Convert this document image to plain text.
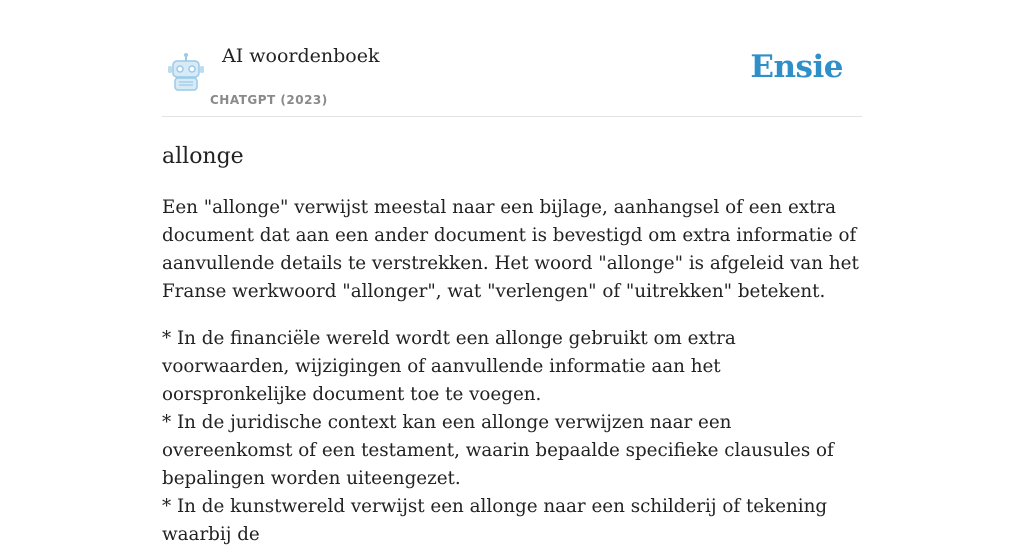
AI woordenboek
CHATGPT (2023)
Ensie
allonge

Een "allonge" verwijst meestal naar een bijlage, aanhangsel of een extra document dat aan een ander document is bevestigd om extra informatie of aanvullende details te verstrekken. Het woord "allonge" is afgeleid van het Franse werkwoord "allonger", wat "verlengen" of "uitrekken" betekent.

* In de financiële wereld wordt een allonge gebruikt om extra voorwaarden, wijzigingen of aanvullende informatie aan het oorspronkelijke document toe te voegen.

* In de juridische context kan een allonge verwijzen naar een overeenkomst of een testament, waarin bepaalde specifieke clausules of bepalingen worden uiteengezet.

* In de kunstwereld verwijst een allonge naar een schilderij of tekening waarbij de
